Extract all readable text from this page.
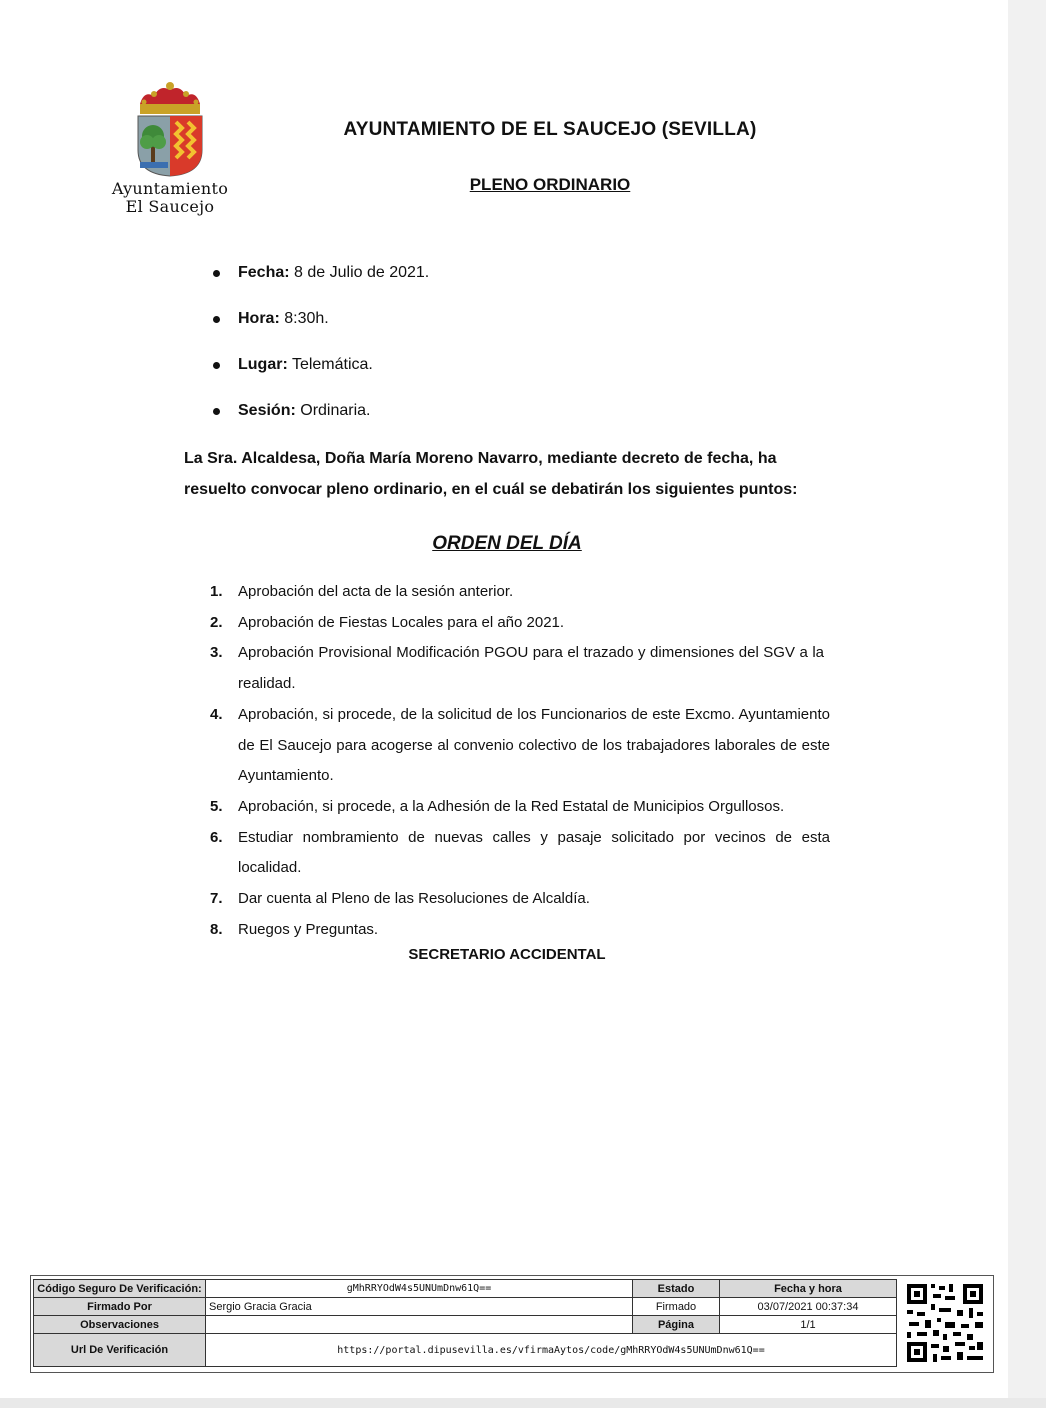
Ayuntamiento
El Saucejo
AYUNTAMIENTO DE EL SAUCEJO (SEVILLA)
PLENO ORDINARIO
Fecha: 8 de Julio de 2021.
Hora: 8:30h.
Lugar: Telemática.
Sesión: Ordinaria.
La Sra. Alcaldesa, Doña María Moreno Navarro, mediante decreto de fecha, ha
resuelto convocar pleno ordinario, en el cuál se debatirán los siguientes puntos:
ORDEN DEL DÍA
1. Aprobación del acta de la sesión anterior.
2. Aprobación de Fiestas Locales para el año 2021.
3. Aprobación Provisional Modificación PGOU para el trazado y dimensiones del SGV a la realidad.
4. Aprobación, si procede, de la solicitud de los Funcionarios de este Excmo. Ayuntamiento de El Saucejo para acogerse al convenio colectivo de los trabajadores laborales de este Ayuntamiento.
5. Aprobación, si procede, a la Adhesión de la Red Estatal de Municipios Orgullosos.
6. Estudiar nombramiento de nuevas calles y pasaje solicitado por vecinos de esta localidad.
7. Dar cuenta al Pleno de las Resoluciones de Alcaldía.
8. Ruegos y Preguntas.
SECRETARIO ACCIDENTAL
Código Seguro De Verificación:	gMhRRYOdW4s5UNUmDnw61Q==	Estado	Fecha y hora
Firmado Por	Sergio Gracia Gracia	Firmado	03/07/2021 00:37:34
Observaciones		Página	1/1
Url De Verificación	https://portal.dipusevilla.es/vfirmaAytos/code/gMhRRYOdW4s5UNUmDnw61Q==		
